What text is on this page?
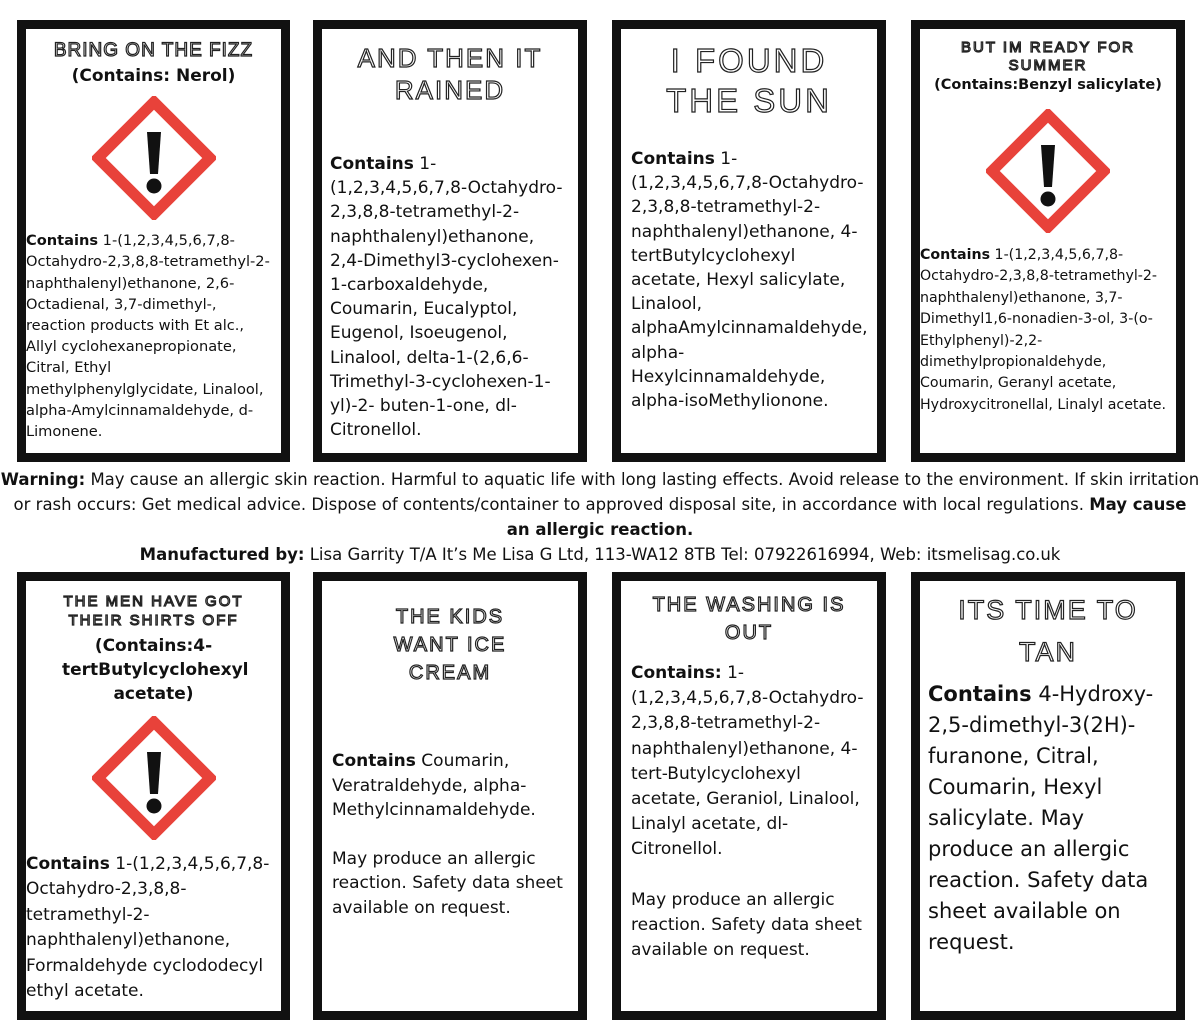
BRING ON THE FIZZ
(Contains: Nerol)
Contains 1-(1,2,3,4,5,6,7,8-Octahydro-2,3,8,8-tetramethyl-2-naphthalenyl)ethanone, 2,6-Octadienal, 3,7-dimethyl-, reaction products with Et alc., Allyl cyclohexanepropionate, Citral, Ethyl methylphenylglycidate, Linalool, alpha-Amylcinnamaldehyde, d-Limonene.
AND THEN IT RAINED
Contains 1-(1,2,3,4,5,6,7,8-Octahydro-2,3,8,8-tetramethyl-2-naphthalenyl)ethanone, 2,4-Dimethyl3-cyclohexen-1-carboxaldehyde, Coumarin, Eucalyptol, Eugenol, Isoeugenol, Linalool, delta-1-(2,6,6-Trimethyl-3-cyclohexen-1-yl)-2- buten-1-one, dl-Citronellol.
I FOUND THE SUN
Contains 1-(1,2,3,4,5,6,7,8-Octahydro-2,3,8,8-tetramethyl-2-naphthalenyl)ethanone, 4-tertButylcyclohexyl acetate, Hexyl salicylate, Linalool, alphaAmylcinnamaldehyde, alpha-Hexylcinnamaldehyde, alpha-isoMethylionone.
BUT IM READY FOR SUMMER
(Contains:Benzyl salicylate)
Contains 1-(1,2,3,4,5,6,7,8-Octahydro-2,3,8,8-tetramethyl-2-naphthalenyl)ethanone, 3,7-Dimethyl1,6-nonadien-3-ol, 3-(o-Ethylphenyl)-2,2-dimethylpropionaldehyde, Coumarin, Geranyl acetate, Hydroxycitronellal, Linalyl acetate.

Warning: May cause an allergic skin reaction. Harmful to aquatic life with long lasting effects. Avoid release to the environment. If skin irritation or rash occurs: Get medical advice. Dispose of contents/container to approved disposal site, in accordance with local regulations. May cause an allergic reaction.

Manufactured by: Lisa Garrity T/A It’s Me Lisa G Ltd, 113-WA12 8TB Tel: 07922616994, Web: itsmelisag.co.uk

THE MEN HAVE GOT THEIR SHIRTS OFF
(Contains:4-tertButylcyclohexyl acetate)
Contains 1-(1,2,3,4,5,6,7,8-Octahydro-2,3,8,8-tetramethyl-2-naphthalenyl)ethanone, Formaldehyde cyclododecyl ethyl acetate.
THE KIDS WANT ICE CREAM
Contains Coumarin, Veratraldehyde, alpha-Methylcinnamaldehyde.
May produce an allergic reaction. Safety data sheet available on request.
THE WASHING IS OUT
Contains: 1-(1,2,3,4,5,6,7,8-Octahydro-2,3,8,8-tetramethyl-2-naphthalenyl)ethanone, 4-tert-Butylcyclohexyl acetate, Geraniol, Linalool, Linalyl acetate, dl-Citronellol.
May produce an allergic reaction. Safety data sheet available on request.
ITS TIME TO TAN
Contains 4-Hydroxy-2,5-dimethyl-3(2H)-furanone, Citral, Coumarin, Hexyl salicylate. May produce an allergic reaction. Safety data sheet available on request.
